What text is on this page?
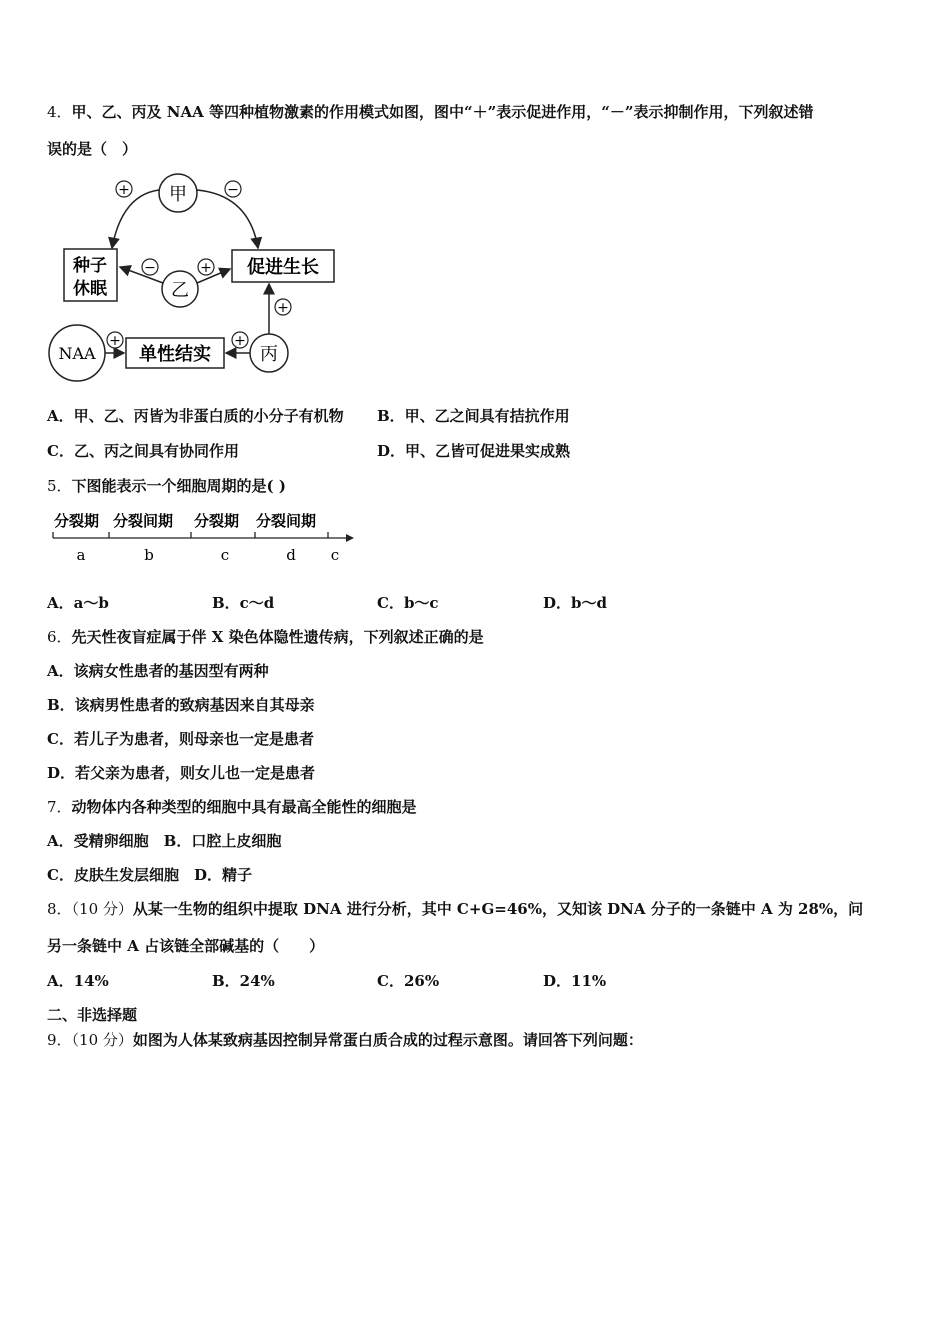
4．甲、乙、丙及 NAA 等四种植物激素的作用模式如图，图中“＋”表示促进作用，“－”表示抑制作用，下列叙述错
误的是（　）
甲
+	−
种子
休眠
促进生长
乙
−	+
NAA 单性结实
+
丙
+
+
A．甲、乙、丙皆为非蛋白质的小分子有机物 B．甲、乙之间具有拮抗作用
C．乙、丙之间具有协同作用	D．甲、乙皆可促进果实成熟
5．下图能表示一个细胞周期的是( )
分裂期 分裂间期 分裂期 分裂间期
a	b	c	d c
A．a～b	B．c～d	C．b～c	D．b～d
6．先天性夜盲症属于伴 X 染色体隐性遗传病，下列叙述正确的是
A．该病女性患者的基因型有两种
B．该病男性患者的致病基因来自其母亲
C．若儿子为患者，则母亲也一定是患者
D．若父亲为患者，则女儿也一定是患者
7．动物体内各种类型的细胞中具有最高全能性的细胞是
A．受精卵细胞　B．口腔上皮细胞
C．皮肤生发层细胞　D．精子
8．（10 分）从某一生物的组织中提取 DNA 进行分析，其中 C+G=46%，又知该 DNA 分子的一条链中 A 为 28%，问
另一条链中 A 占该链全部碱基的（　　）
A．14%	B．24%	C．26%	D．11%
二、非选择题
9．（10 分）如图为人体某致病基因控制异常蛋白质合成的过程示意图。请回答下列问题：
